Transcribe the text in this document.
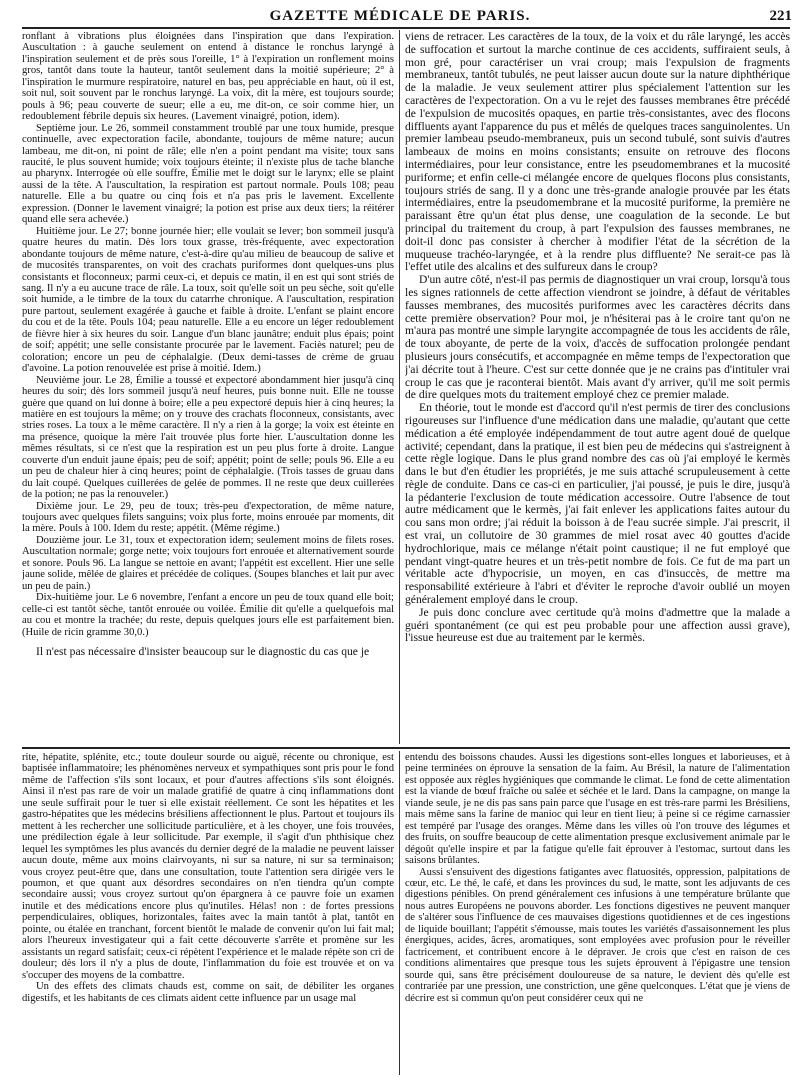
GAZETTE MÉDICALE DE PARIS.	221

ronflant à vibrations plus éloignées dans l'inspiration que dans l'expiration. Auscultation : à gauche seulement on entend à distance le ronchus laryngé à l'inspiration seulement et de près sous l'oreille, 1° à l'expiration un ronflement moins gros, tantôt dans toute la hauteur, tantôt seulement dans la moitié supérieure; 2° à l'inspiration le murmure respiratoire, naturel en bas, peu appréciable en haut, où il est, soit nul, soit souvent par le ronchus laryngé. La voix, dit la mère, est toujours sourde; pouls à 96; peau couverte de sueur; elle a eu, me dit-on, ce soir comme hier, un redoublement fébrile depuis six heures. (Lavement vinaigré, potion, idem).

Septième jour. Le 26, sommeil constamment troublé par une toux humide, presque continuelle, avec expectoration facile, abondante, toujours de même nature; aucun lambeau, me dit-on, ni point de râle; elle n'en a point pendant ma visite; toux sans raucité, le plus souvent humide; voix toujours éteinte; il n'existe plus de tache blanche au pharynx. Interrogée où elle souffre, Émilie met le doigt sur le larynx; elle se plaint aussi de la tête. A l'auscultation, la respiration est partout normale. Pouls 108; peau naturelle. Elle a bu quatre ou cinq fois et n'a pas pris le lavement. Excellente expression. (Donner le lavement vinaigré; la potion est prise aux deux tiers; la réitérer quand elle sera achevée.)

Huitième jour. Le 27; bonne journée hier; elle voulait se lever; bon sommeil jusqu'à quatre heures du matin. Dès lors toux grasse, très-fréquente, avec expectoration abondante toujours de même nature, c'est-à-dire qu'au milieu de beaucoup de salive et de mucosités transparentes, on voit des crachats puriformes dont quelques-uns plus consistants et floconneux; parmi ceux-ci, et depuis ce matin, il en est qui sont striés de sang. Il n'y a eu aucune trace de râle. La toux, soit qu'elle soit un peu sèche, soit qu'elle soit humide, a le timbre de la toux du catarrhe chronique. A l'auscultation, respiration pure partout, seulement exagérée à gauche et faible à droite. L'enfant se plaint encore du cou et de la tête. Pouls 104; peau naturelle. Elle a eu encore un léger redoublement de fièvre hier à six heures du soir. Langue d'un blanc jaunâtre; enduit plus épais; point de soif; appétit; une selle consistante procurée par le lavement. Faciès naturel; peu de coloration; encore un peu de céphalalgie. (Deux demi-tasses de crème de gruau d'avoine. La potion renouvelée est prise à moitié. Idem.)

Neuvième jour. Le 28, Émilie a toussé et expectoré abondamment hier jusqu'à cinq heures du soir; dès lors sommeil jusqu'à neuf heures, puis bonne nuit. Elle ne tousse guère que quand on lui donne à boire; elle a peu expectoré depuis hier à cinq heures; la matière en est toujours la même; on y trouve des crachats floconneux, consistants, avec stries roses. La toux a le même caractère. Il n'y a rien à la gorge; la voix est éteinte en ma présence, quoique la mère l'ait trouvée plus forte hier. L'auscultation donne les mêmes résultats, si ce n'est que la respiration est un peu plus forte à droite. Langue couverte d'un enduit jaune épais; peu de soif; appétit; point de selle; pouls 96. Elle a eu un peu de chaleur hier à cinq heures; point de céphalalgie. (Trois tasses de gruau dans du lait coupé. Quelques cuillerées de gelée de pommes. Il ne reste que deux cuillerées de la potion; ne pas la renouveler.)

Dixième jour. Le 29, peu de toux; très-peu d'expectoration, de même nature, toujours avec quelques filets sanguins; voix plus forte, moins enrouée par moments, dit la mère. Pouls à 100. Idem du reste; appétit. (Même régime.)

Douzième jour. Le 31, toux et expectoration idem; seulement moins de filets roses. Auscultation normale; gorge nette; voix toujours fort enrouée et alternativement sourde et sonore. Pouls 96. La langue se nettoie en avant; l'appétit est excellent. Hier une selle jaune solide, mêlée de glaires et précédée de coliques. (Soupes blanches et lait pur avec un peu de pain.)

Dix-huitième jour. Le 6 novembre, l'enfant a encore un peu de toux quand elle boit; celle-ci est tantôt sèche, tantôt enrouée ou voilée. Émilie dit qu'elle a quelquefois mal au cou et montre la trachée; du reste, depuis quelques jours elle est parfaitement bien. (Huile de ricin gramme 30,0.)

Il n'est pas nécessaire d'insister beaucoup sur le diagnostic du cas que je

viens de retracer. Les caractères de la toux, de la voix et du râle laryngé, les accès de suffocation et surtout la marche continue de ces accidents, suffiraient seuls, à mon gré, pour caractériser un vrai croup; mais l'expulsion de fragments membraneux, tantôt tubulés, ne peut laisser aucun doute sur la nature diphthérique de la maladie. Je veux seulement attirer plus spécialement l'attention sur les caractères de l'expectoration. On a vu le rejet des fausses membranes être précédé de l'expulsion de mucosités opaques, en partie très-consistantes, avec des flocons diffluents ayant l'apparence du pus et mêlés de quelques traces sanguinolentes. Un premier lambeau pseudo-membraneux, puis un second tubulé, sont suivis d'autres lambeaux de moins en moins consistants; ensuite on retrouve des flocons intermédiaires, pour leur consistance, entre les pseudomembranes et la mucosité puriforme; et enfin celle-ci mélangée encore de quelques flocons plus consistants, toujours striés de sang. Il y a donc une très-grande analogie prouvée par les états intermédiaires, entre la pseudomembrane et la mucosité puriforme, la première ne paraissant être qu'un état plus dense, une coagulation de la seconde. Le but principal du traitement du croup, à part l'expulsion des fausses membranes, ne doit-il donc pas consister à chercher à modifier l'état de la sécrétion de la muqueuse trachéo-laryngée, et à la rendre plus diffluente? Ne serait-ce pas là l'effet utile des alcalins et des sulfureux dans le croup?

D'un autre côté, n'est-il pas permis de diagnostiquer un vrai croup, lorsqu'à tous les signes rationnels de cette affection viendront se joindre, à défaut de véritables fausses membranes, des mucosités puriformes avec les caractères décrits dans cette première observation? Pour moi, je n'hésiterai pas à le croire tant qu'on ne m'aura pas montré une simple laryngite accompagnée de tous les accidents de râle, de toux aboyante, de perte de la voix, d'accès de suffocation prolongée pendant plusieurs jours consécutifs, et accompagnée en même temps de l'expectoration que j'ai décrite tout à l'heure. C'est sur cette donnée que je ne crains pas d'intituler vrai croup le cas que je raconterai bientôt. Mais avant d'y arriver, qu'il me soit permis de dire quelques mots du traitement employé chez ce premier malade.

En théorie, tout le monde est d'accord qu'il n'est permis de tirer des conclusions rigoureuses sur l'influence d'une médication dans une maladie, qu'autant que cette médication a été employée indépendamment de tout autre agent doué de quelque activité; cependant, dans la pratique, il est bien peu de médecins qui s'astreignent à cette règle logique. Dans le plus grand nombre des cas où j'ai employé le kermès dans le but d'en étudier les propriétés, je me suis attaché scrupuleusement à cette règle de conduite. Dans ce cas-ci en particulier, j'ai poussé, je puis le dire, jusqu'à la pédanterie l'exclusion de toute médication accessoire. Outre l'absence de tout autre médicament que le kermès, j'ai fait enlever les applications faites autour du cou sans mon ordre; j'ai réduit la boisson à de l'eau sucrée simple. J'ai prescrit, il est vrai, un collutoire de 30 grammes de miel rosat avec 40 gouttes d'acide hydrochlorique, mais ce mélange n'était point caustique; il ne fut employé que pendant vingt-quatre heures et un très-petit nombre de fois. Ce fut de ma part un véritable acte d'hypocrisie, un moyen, en cas d'insuccès, de mettre ma responsabilité extérieure à l'abri et d'éviter le reproche d'avoir oublié un moyen généralement employé dans le croup.

Je puis donc conclure avec certitude qu'à moins d'admettre que la malade a guéri spontanément (ce qui est peu probable pour une affection aussi grave), l'issue heureuse est due au traitement par le kermès.

rite, hépatite, splénite, etc.; toute douleur sourde ou aiguë, récente ou chronique, est baptisée inflammatoire; les phénomènes nerveux et sympathiques sont pris pour le fond même de l'affection s'ils sont locaux, et pour d'autres affections s'ils sont éloignés. Ainsi il n'est pas rare de voir un malade gratifié de quatre à cinq inflammations dont une seule suffirait pour le tuer si elle existait réellement. Ce sont les hépatites et les gastro-hépatites que les médecins brésiliens affectionnent le plus. Partout et toujours ils mettent à les rechercher une sollicitude particulière, et à les choyer, une fois trouvées, une prédilection égale à leur sollicitude. Par exemple, il s'agit d'un phthisique chez lequel les symptômes les plus avancés du dernier degré de la maladie ne peuvent laisser aucun doute, même aux moins clairvoyants, ni sur sa nature, ni sur sa terminaison; vous croyez peut-être que, dans une consultation, toute l'attention sera dirigée vers le poumon, et que quant aux désordres secondaires on n'en tiendra qu'un compte secondaire aussi; vous croyez surtout qu'on épargnera à ce pauvre foie un examen inutile et des médications encore plus qu'inutiles. Hélas! non : de fortes pressions perpendiculaires, obliques, horizontales, faites avec la main tantôt à plat, tantôt en pointe, ou étalée en tranchant, forcent bientôt le malade de convenir qu'on lui fait mal; alors l'heureux investigateur qui a fait cette découverte s'arrête et promène sur les assistants un regard satisfait; ceux-ci répètent l'expérience et le malade répète son cri de douleur; dès lors il n'y a plus de doute, l'inflammation du foie est trouvée et on va s'occuper des moyens de la combattre.

Un des effets des climats chauds est, comme on sait, de débiliter les organes digestifs, et les habitants de ces climats aident cette influence par un usage mal

entendu des boissons chaudes. Aussi les digestions sont-elles longues et laborieuses, et à peine terminées on éprouve la sensation de la faim. Au Brésil, la nature de l'alimentation est opposée aux règles hygiéniques que commande le climat. Le fond de cette alimentation est la viande de bœuf fraîche ou salée et séchée et le lard. Dans la campagne, on mange la viande seule, je ne dis pas sans pain parce que l'usage en est très-rare parmi les Brésiliens, mais même sans la farine de manioc qui leur en tient lieu; à peine si ce régime carnassier est tempéré par l'usage des oranges. Même dans les villes où l'on trouve des légumes et des fruits, on souffre beaucoup de cette alimentation presque exclusivement animale par le dégoût qu'elle inspire et par la fatigue qu'elle fait éprouver à l'estomac, surtout dans les saisons brûlantes.

Aussi s'ensuivent des digestions fatigantes avec flatuosités, oppression, palpitations de cœur, etc. Le thé, le café, et dans les provinces du sud, le matte, sont les adjuvants de ces digestions pénibles. On prend généralement ces infusions à une température brûlante que nous autres Européens ne pouvons aborder. Les fonctions digestives ne peuvent manquer de s'altérer sous l'influence de ces mauvaises digestions quotidiennes et de ces ingestions de liquide bouillant; l'appétit s'émousse, mais toutes les variétés d'assaisonnement les plus énergiques, acides, âcres, aromatiques, sont employées avec profusion pour le réveiller factricement, et contribuent encore à le dépraver. Je crois que c'est en raison de ces conditions alimentaires que presque tous les sujets éprouvent à l'épigastre une tension sourde qui, sans être précisément douloureuse de sa nature, le devient dès qu'elle est contrariée par une pression, une constriction, une gêne quelconques. L'état que je viens de décrire est si commun qu'on peut considérer ceux qui ne
